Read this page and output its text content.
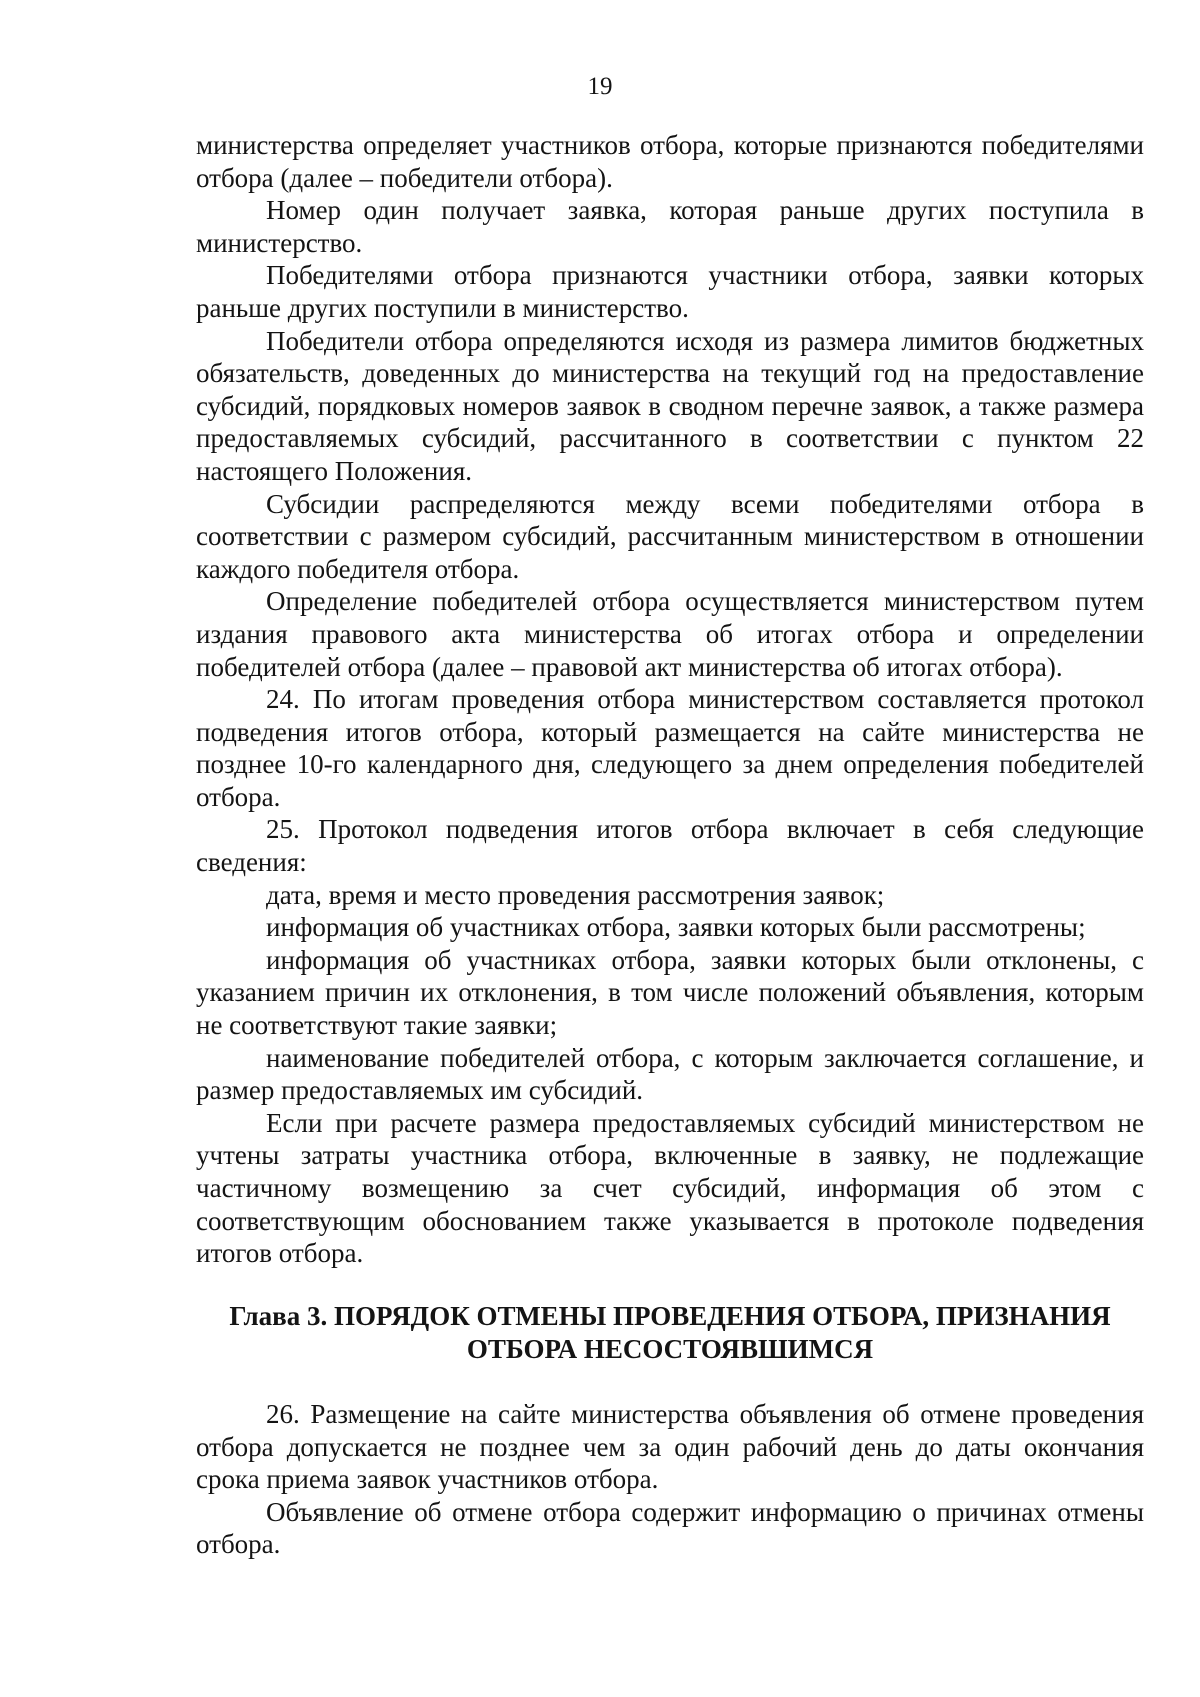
19

министерства определяет участников отбора, которые признаются победителями отбора (далее – победители отбора).

Номер один получает заявка, которая раньше других поступила в министерство.

Победителями отбора признаются участники отбора, заявки которых раньше других поступили в министерство.

Победители отбора определяются исходя из размера лимитов бюджетных обязательств, доведенных до министерства на текущий год на предоставление субсидий, порядковых номеров заявок в сводном перечне заявок, а также размера предоставляемых субсидий, рассчитанного в соответствии с пунктом 22 настоящего Положения.

Субсидии распределяются между всеми победителями отбора в соответствии с размером субсидий, рассчитанным министерством в отношении каждого победителя отбора.

Определение победителей отбора осуществляется министерством путем издания правового акта министерства об итогах отбора и определении победителей отбора (далее – правовой акт министерства об итогах отбора).

24. По итогам проведения отбора министерством составляется протокол подведения итогов отбора, который размещается на сайте министерства не позднее 10-го календарного дня, следующего за днем определения победителей отбора.

25. Протокол подведения итогов отбора включает в себя следующие сведения:

дата, время и место проведения рассмотрения заявок;

информация об участниках отбора, заявки которых были рассмотрены;

информация об участниках отбора, заявки которых были отклонены, с указанием причин их отклонения, в том числе положений объявления, которым не соответствуют такие заявки;

наименование победителей отбора, с которым заключается соглашение, и размер предоставляемых им субсидий.

Если при расчете размера предоставляемых субсидий министерством не учтены затраты участника отбора, включенные в заявку, не подлежащие частичному возмещению за счет субсидий, информация об этом с соответствующим обоснованием также указывается в протоколе подведения итогов отбора.

Глава 3. ПОРЯДОК ОТМЕНЫ ПРОВЕДЕНИЯ ОТБОРА, ПРИЗНАНИЯ
ОТБОРА НЕСОСТОЯВШИМСЯ

26. Размещение на сайте министерства объявления об отмене проведения отбора допускается не позднее чем за один рабочий день до даты окончания срока приема заявок участников отбора.

Объявление об отмене отбора содержит информацию о причинах отмены отбора.
